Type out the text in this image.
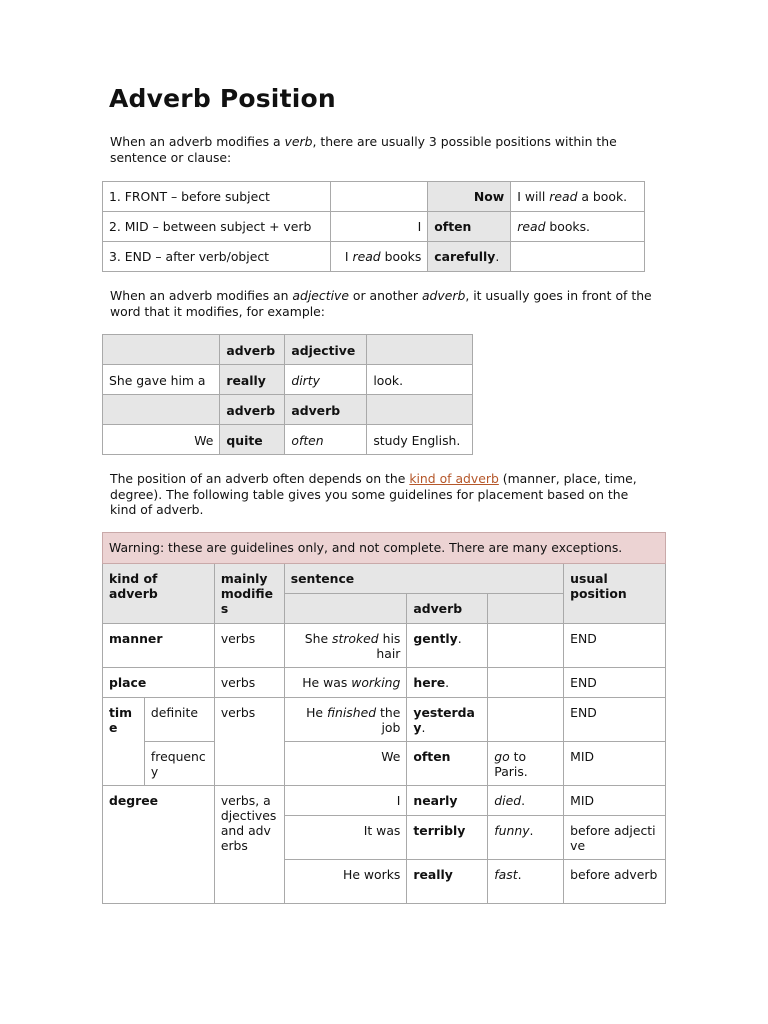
Adverb Position

When an adverb modifies a verb, there are usually 3 possible positions within the sentence or clause:

1. FRONT – before subject		Now	I will read a book.
2. MID – between subject + verb	I	often	read books.
3. END – after verb/object	I read books	carefully.	

When an adverb modifies an adjective or another adverb, it usually goes in front of the word that it modifies, for example:

	adverb	adjective	
She gave him a	really	dirty	look.
	adverb	adverb	
We	quite	often	study English.

The position of an adverb often depends on the kind of adverb (manner, place, time, degree). The following table gives you some guidelines for placement based on the kind of adverb.

Warning: these are guidelines only, and not complete. There are many exceptions.						
kind of adverb		mainly modifies	sentence			usual position
				adverb		
manner		verbs	She stroked his hair	gently.		END
place		verbs	He was working	here.		END
time	definite	verbs	He finished the job	yesterday.		END
	frequency		We	often	go to Paris.	MID
degree		verbs, adjectives and adverbs	I	nearly	died.	MID
			It was	terribly	funny.	before adjective
			He works	really	fast.	before adverb
